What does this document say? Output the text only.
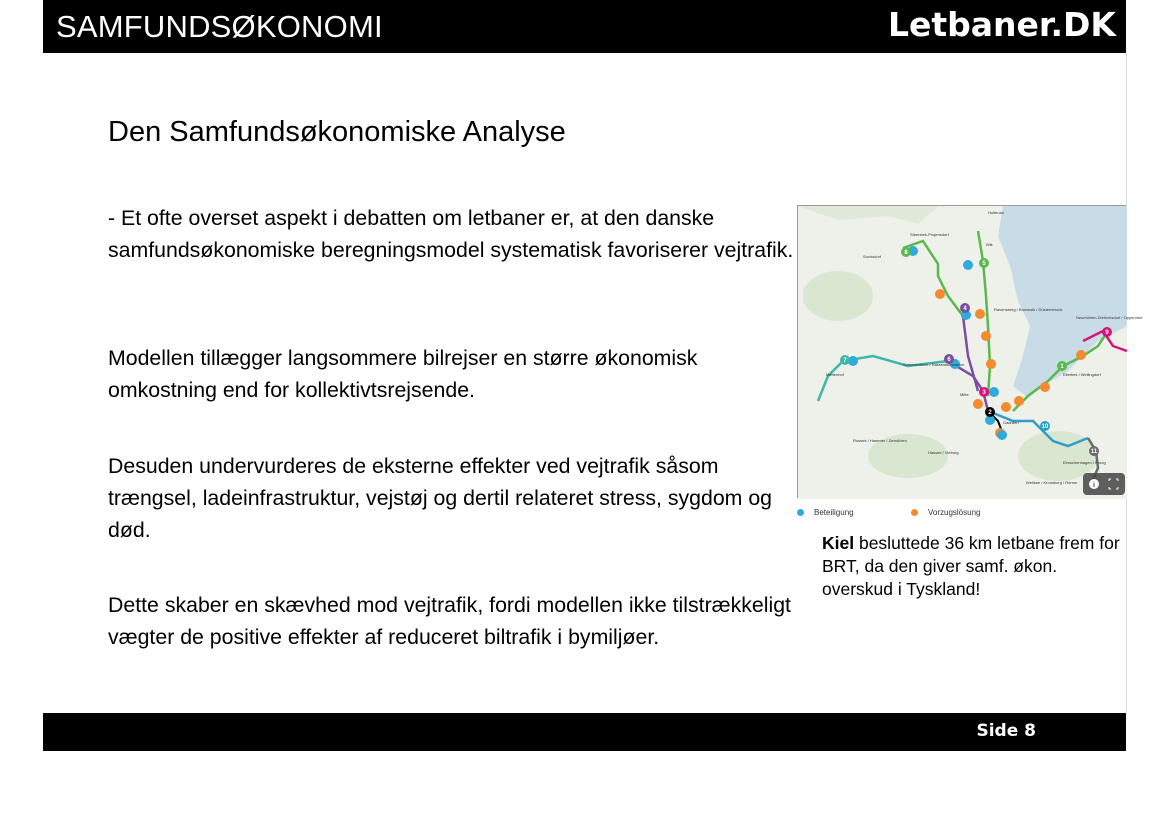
SAMFUNDSØKONOMI	Letbaner.DK
Den Samfundsøkonomiske Analyse
- Et ofte overset aspekt i debatten om letbaner er, at den danske samfundsøkonomiske beregningsmodel systematisk favoriserer vejtrafik.
Modellen tillægger langsommere bilrejser en større økonomisk omkostning end for kollektivtsrejsende.
Desuden undervurderes de eksterne effekter ved vejtrafik såsom trængsel, ladeinfrastruktur, vejstøj og dertil relateret stress, sygdom og død.
Dette skaber en skævhed mod vejtrafik, fordi modellen ikke tilstrækkeligt vægter de positive effekter af reduceret biltrafik i bymiljøer.
8
5
4
7	6
3
2
1
9
10
11
Holtenau
Suchsdorf
Steenbek-Projensdorf
Wik
Ravensberg / Brunswik / Düsternbrook
Mettenhof
Schreventeich / Hasseldieksdamm
Mitte
Gaarden
Russee / Hammer / Demühlen
Hassee / Vieburg
Wellsee / Kronsburg / Rönne
Elmschenhagen / Kroog
Neumühlen-Dietrichsdorf / Oppendorf
Ellerbek / Wellingdorf
i
Beteiligung	Vorzugslösung
Kiel besluttede 36 km letbane frem for BRT, da den giver samf. økon. overskud i Tyskland!
Side 8
